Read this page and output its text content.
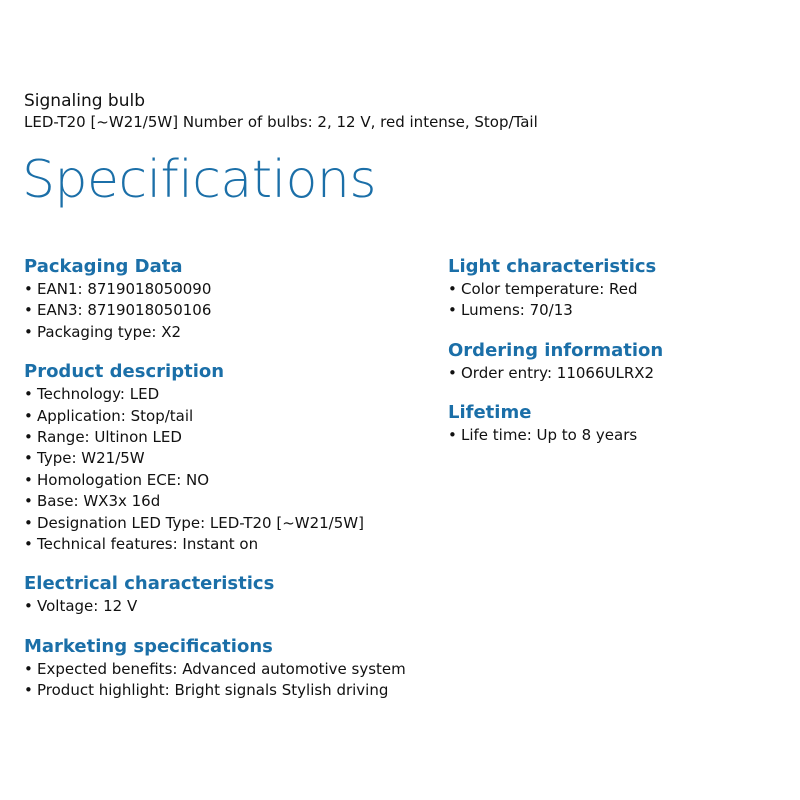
Signaling bulb
LED-T20 [~W21/5W] Number of bulbs: 2, 12 V, red intense, Stop/Tail
Specifications
Packaging Data
• EAN1: 8719018050090
• EAN3: 8719018050106
• Packaging type: X2
Product description
• Technology: LED
• Application: Stop/tail
• Range: Ultinon LED
• Type: W21/5W
• Homologation ECE: NO
• Base: WX3x 16d
• Designation LED Type: LED-T20 [~W21/5W]
• Technical features: Instant on
Electrical characteristics
• Voltage: 12 V
Marketing specifications
• Expected benefits: Advanced automotive system
• Product highlight: Bright signals Stylish driving
Light characteristics
• Color temperature: Red
• Lumens: 70/13
Ordering information
• Order entry: 11066ULRX2
Lifetime
• Life time: Up to 8 years
